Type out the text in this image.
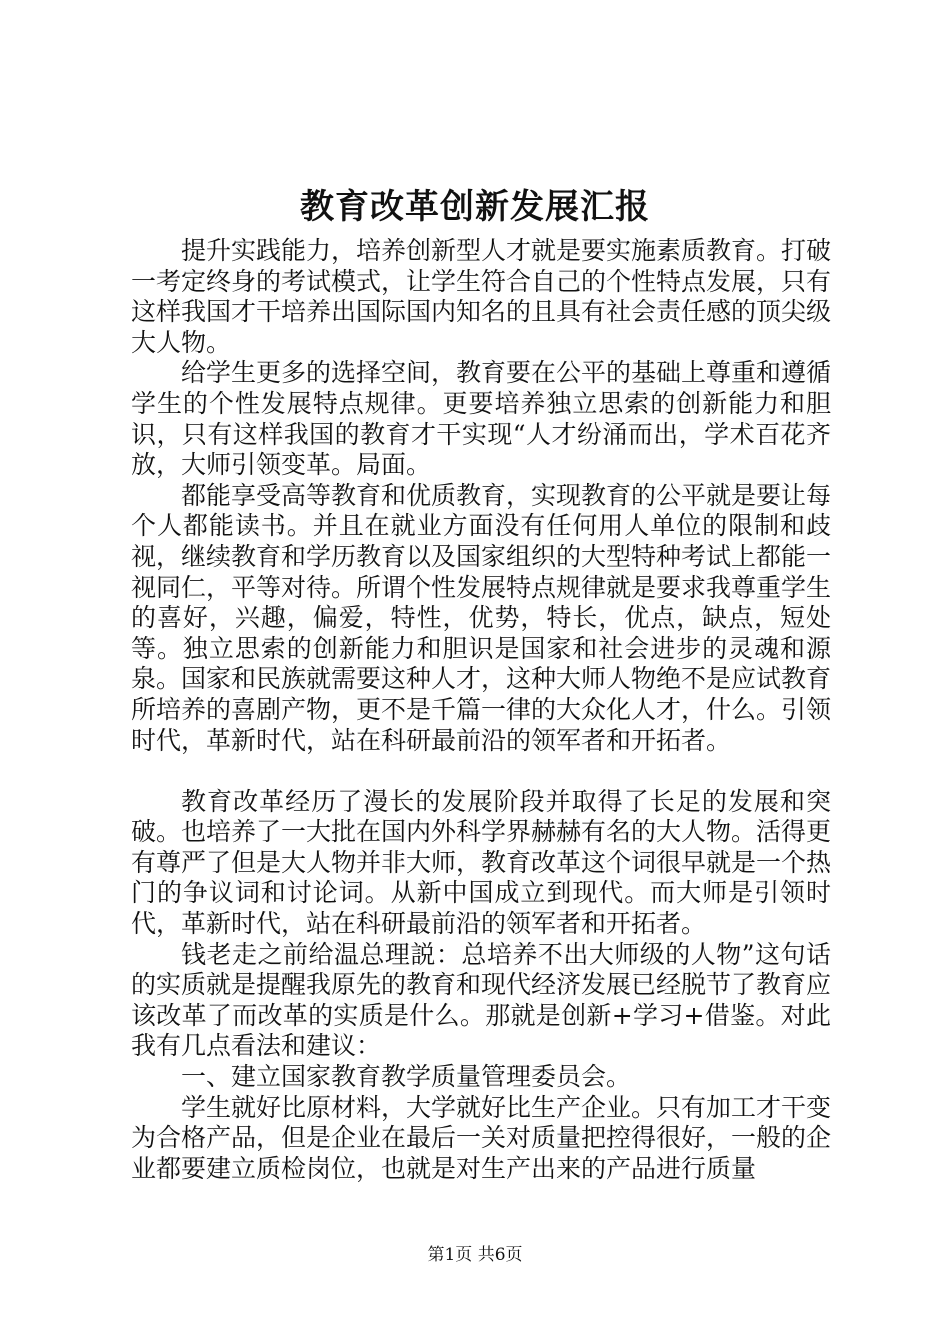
教育改革创新发展汇报

提升实践能力，培养创新型人才就是要实施素质教育。打破一考定终身的考试模式，让学生符合自己的个性特点发展，只有这样我国才干培养出国际国内知名的且具有社会责任感的顶尖级大人物。

给学生更多的选择空间，教育要在公平的基础上尊重和遵循学生的个性发展特点规律。更要培养独立思索的创新能力和胆识，只有这样我国的教育才干实现“人才纷涌而出，学术百花齐放，大师引领变革。局面。

都能享受高等教育和优质教育，实现教育的公平就是要让每个人都能读书。并且在就业方面没有任何用人单位的限制和歧视，继续教育和学历教育以及国家组织的大型特种考试上都能一视同仁，平等对待。所谓个性发展特点规律就是要求我尊重学生的喜好，兴趣，偏爱，特性，优势，特长，优点，缺点，短处等。独立思索的创新能力和胆识是国家和社会进步的灵魂和源泉。国家和民族就需要这种人才，这种大师人物绝不是应试教育所培养的喜剧产物，更不是千篇一律的大众化人才，什么。引领时代，革新时代，站在科研最前沿的领军者和开拓者。

教育改革经历了漫长的发展阶段并取得了长足的发展和突破。也培养了一大批在国内外科学界赫赫有名的大人物。活得更有尊严了但是大人物并非大师，教育改革这个词很早就是一个热门的争议词和讨论词。从新中国成立到现代。而大师是引领时代，革新时代，站在科研最前沿的领军者和开拓者。

钱老走之前给温总理説：总培养不出大师级的人物”这句话的实质就是提醒我原先的教育和现代经济发展已经脱节了教育应该改革了而改革的实质是什么。那就是创新+学习+借鉴。对此我有几点看法和建议：

一、建立国家教育教学质量管理委员会。

学生就好比原材料，大学就好比生产企业。只有加工才干变为合格产品，但是企业在最后一关对质量把控得很好，一般的企业都要建立质检岗位，也就是对生产出来的产品进行质量

第1页 共6页
